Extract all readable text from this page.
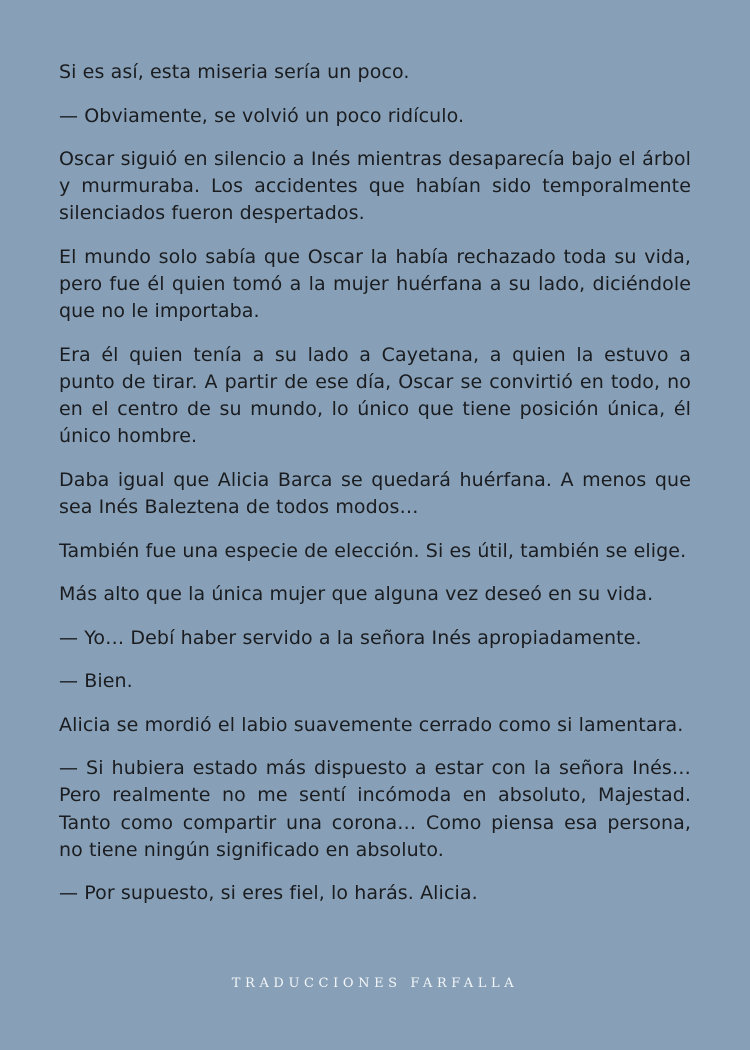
Si es así, esta miseria sería un poco.

— Obviamente, se volvió un poco ridículo.

Oscar siguió en silencio a Inés mientras desaparecía bajo el árbol y murmuraba. Los accidentes que habían sido temporalmente silenciados fueron despertados.

El mundo solo sabía que Oscar la había rechazado toda su vida, pero fue él quien tomó a la mujer huérfana a su lado, diciéndole que no le importaba.

Era él quien tenía a su lado a Cayetana, a quien la estuvo a punto de tirar. A partir de ese día, Oscar se convirtió en todo, no en el centro de su mundo, lo único que tiene posición única, él único hombre.

Daba igual que Alicia Barca se quedará huérfana. A menos que sea Inés Baleztena de todos modos…

También fue una especie de elección. Si es útil, también se elige.

Más alto que la única mujer que alguna vez deseó en su vida.

— Yo… Debí haber servido a la señora Inés apropiadamente.

— Bien.

Alicia se mordió el labio suavemente cerrado como si lamentara.

— Si hubiera estado más dispuesto a estar con la señora Inés… Pero realmente no me sentí incómoda en absoluto, Majestad. Tanto como compartir una corona… Como piensa esa persona, no tiene ningún significado en absoluto.

— Por supuesto, si eres fiel, lo harás. Alicia.

TRADUCCIONES FARFALLA
